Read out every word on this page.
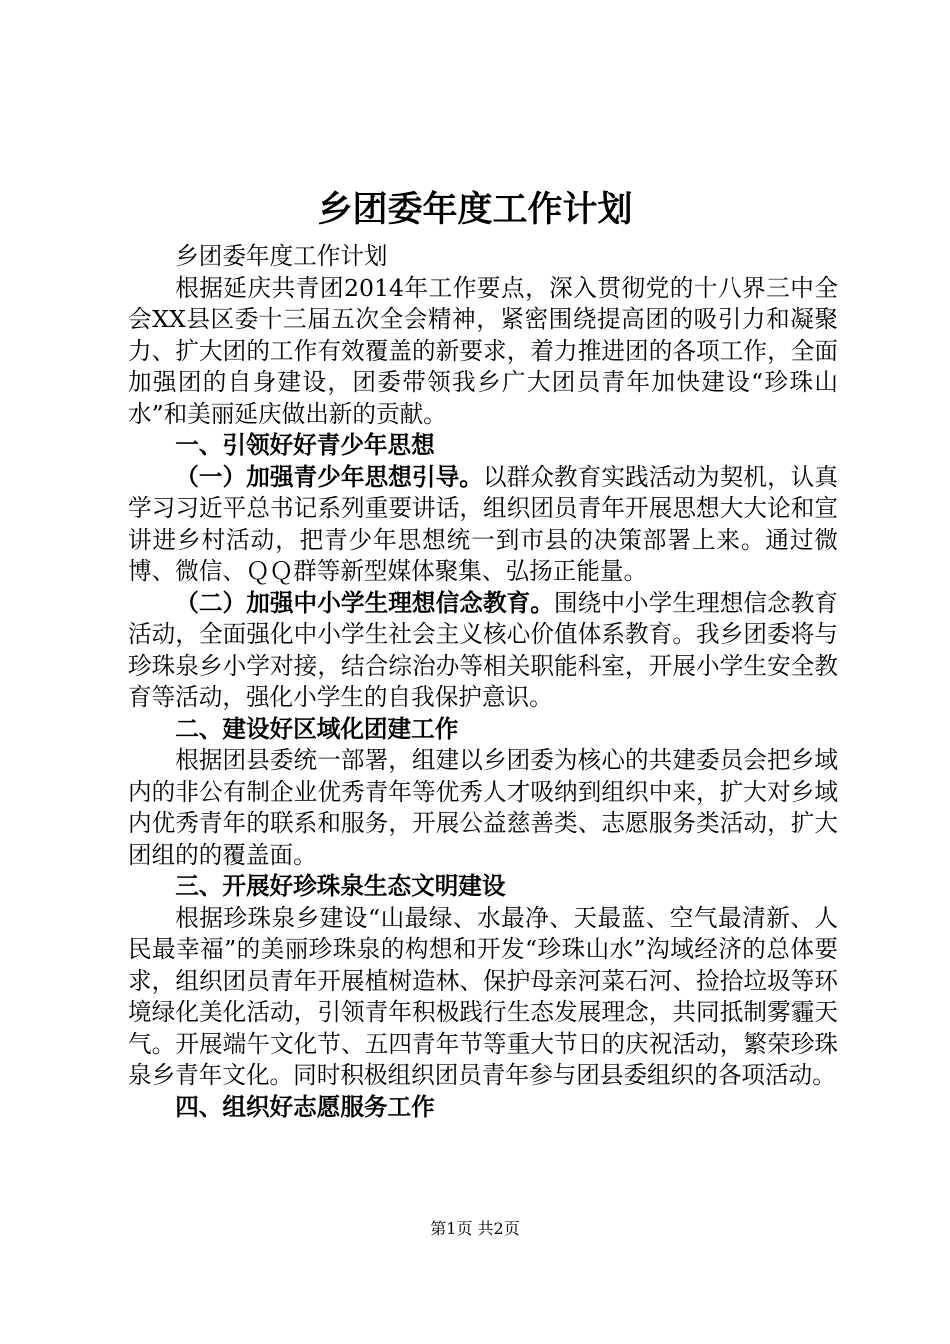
乡团委年度工作计划

乡团委年度工作计划

根据延庆共青团2014年工作要点，深入贯彻党的十八界三中全会XX县区委十三届五次全会精神，紧密围绕提高团的吸引力和凝聚力、扩大团的工作有效覆盖的新要求，着力推进团的各项工作，全面加强团的自身建设，团委带领我乡广大团员青年加快建设“珍珠山水”和美丽延庆做出新的贡献。

一、引领好好青少年思想

（一）加强青少年思想引导。以群众教育实践活动为契机，认真学习习近平总书记系列重要讲话，组织团员青年开展思想大大论和宣讲进乡村活动，把青少年思想统一到市县的决策部署上来。通过微博、微信、ＱＱ群等新型媒体聚集、弘扬正能量。

（二）加强中小学生理想信念教育。围绕中小学生理想信念教育活动，全面强化中小学生社会主义核心价值体系教育。我乡团委将与珍珠泉乡小学对接，结合综治办等相关职能科室，开展小学生安全教育等活动，强化小学生的自我保护意识。

二、建设好区域化团建工作

根据团县委统一部署，组建以乡团委为核心的共建委员会把乡域内的非公有制企业优秀青年等优秀人才吸纳到组织中来，扩大对乡域内优秀青年的联系和服务，开展公益慈善类、志愿服务类活动，扩大团组的的覆盖面。

三、开展好珍珠泉生态文明建设

根据珍珠泉乡建设“山最绿、水最净、天最蓝、空气最清新、人民最幸福”的美丽珍珠泉的构想和开发“珍珠山水”沟域经济的总体要求，组织团员青年开展植树造林、保护母亲河菜石河、捡拾垃圾等环境绿化美化活动，引领青年积极践行生态发展理念，共同抵制雾霾天气。开展端午文化节、五四青年节等重大节日的庆祝活动，繁荣珍珠泉乡青年文化。同时积极组织团员青年参与团县委组织的各项活动。

四、组织好志愿服务工作

第1页 共2页
